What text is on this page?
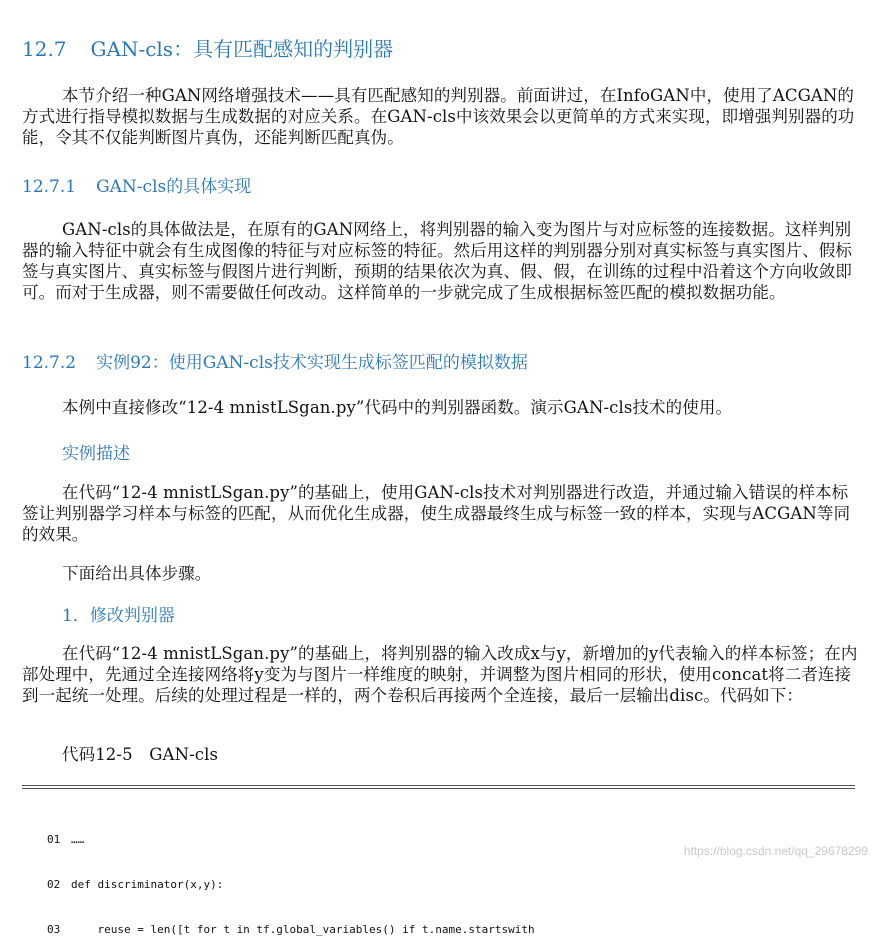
12.7 GAN-cls：具有匹配感知的判别器

本节介绍一种GAN网络增强技术——具有匹配感知的判别器。前面讲过，在InfoGAN中，使用了ACGAN的方式进行指导模拟数据与生成数据的对应关系。在GAN-cls中该效果会以更简单的方式来实现，即增强判别器的功能，令其不仅能判断图片真伪，还能判断匹配真伪。

12.7.1 GAN-cls的具体实现

GAN-cls的具体做法是，在原有的GAN网络上，将判别器的输入变为图片与对应标签的连接数据。这样判别器的输入特征中就会有生成图像的特征与对应标签的特征。然后用这样的判别器分别对真实标签与真实图片、假标签与真实图片、真实标签与假图片进行判断，预期的结果依次为真、假、假，在训练的过程中沿着这个方向收敛即可。而对于生成器，则不需要做任何改动。这样简单的一步就完成了生成根据标签匹配的模拟数据功能。

12.7.2 实例92：使用GAN-cls技术实现生成标签匹配的模拟数据

本例中直接修改“12-4 mnistLSgan.py”代码中的判别器函数。演示GAN-cls技术的使用。

实例描述

在代码“12-4 mnistLSgan.py”的基础上，使用GAN-cls技术对判别器进行改造，并通过输入错误的样本标签让判别器学习样本与标签的匹配，从而优化生成器，使生成器最终生成与标签一致的样本，实现与ACGAN等同的效果。

下面给出具体步骤。

1．修改判别器

在代码“12-4 mnistLSgan.py”的基础上，将判别器的输入改成x与y，新增加的y代表输入的样本标签；在内部处理中，先通过全连接网络将y变为与图片一样维度的映射，并调整为图片相同的形状，使用concat将二者连接到一起统一处理。后续的处理过程是一样的，两个卷积后再接两个全连接，最后一层输出disc。代码如下：

代码12-5　GAN-cls

01 ……

02 def discriminator(x,y):

03    reuse = len([t for t in tf.global_variables() if t.name.startswith

https://blog.csdn.net/qq_29678299
